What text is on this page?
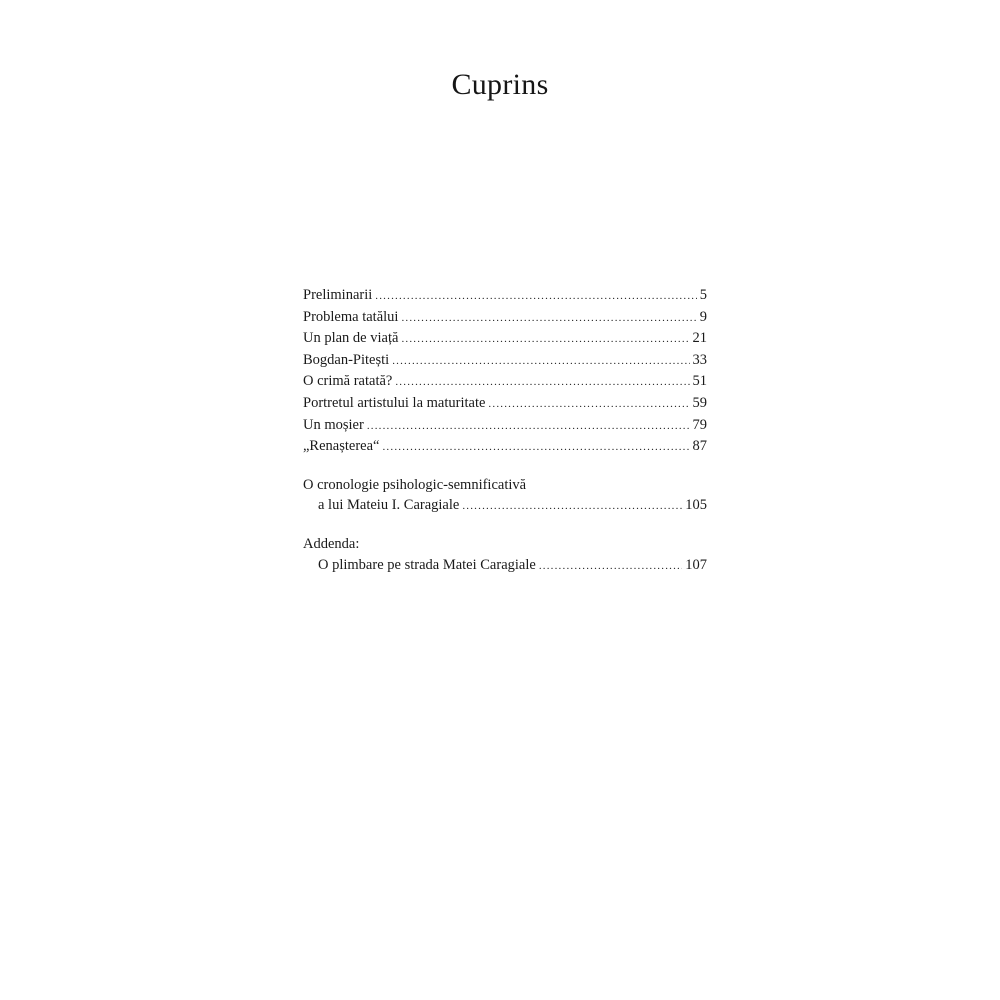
Cuprins
Preliminarii .....	5
Problema tatălui .....	9
Un plan de viață .....	21
Bogdan-Pitești .....	33
O crimă ratată? .....	51
Portretul artistului la maturitate .....	59
Un moșier .....	79
„Renașterea“ .....	87
O cronologie psihologic-semnificativă
a lui Mateiu I. Caragiale .....	105
Addenda:
O plimbare pe strada Matei Caragiale .....	107
